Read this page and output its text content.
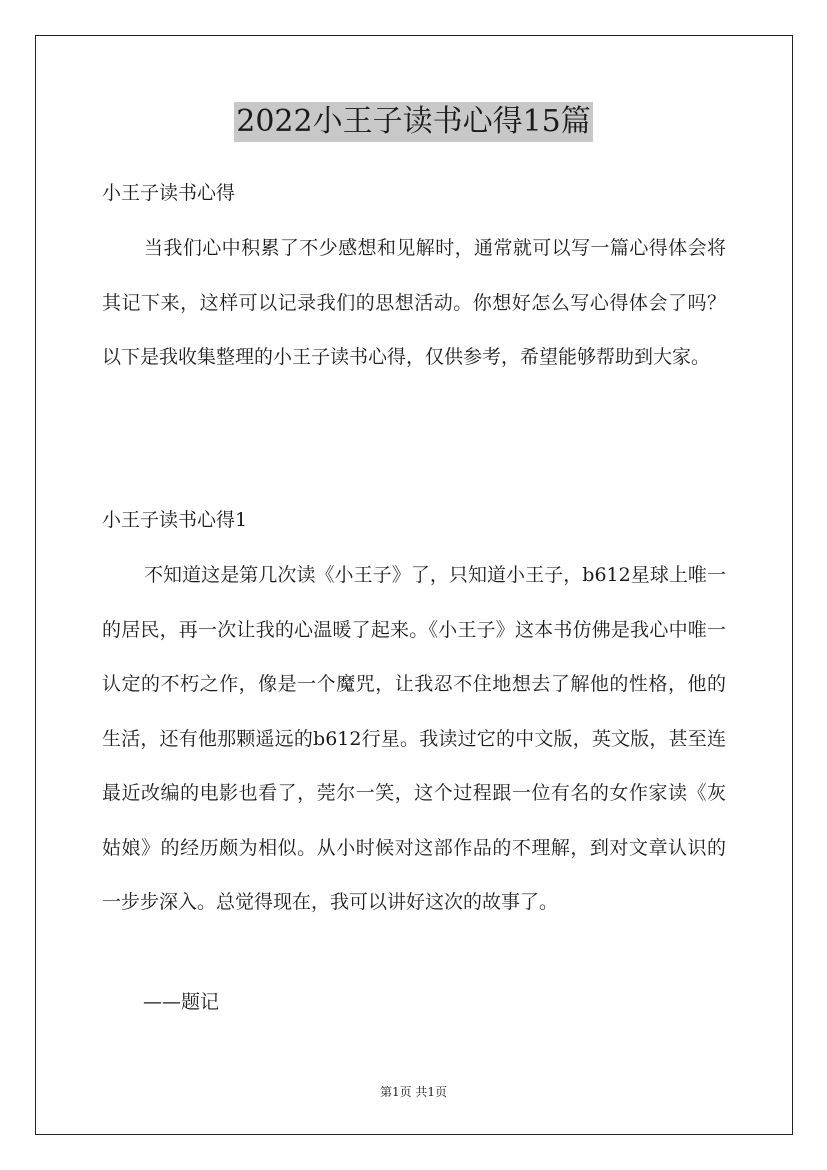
2022小王子读书心得15篇
小王子读书心得
当我们心中积累了不少感想和见解时，通常就可以写一篇心得体会将其记下来，这样可以记录我们的思想活动。你想好怎么写心得体会了吗？以下是我收集整理的小王子读书心得，仅供参考，希望能够帮助到大家。
小王子读书心得1
不知道这是第几次读《小王子》了，只知道小王子，b612星球上唯一的居民，再一次让我的心温暖了起来。《小王子》这本书仿佛是我心中唯一认定的不朽之作，像是一个魔咒，让我忍不住地想去了解他的性格，他的生活，还有他那颗遥远的b612行星。我读过它的中文版，英文版，甚至连最近改编的电影也看了，莞尔一笑，这个过程跟一位有名的女作家读《灰姑娘》的经历颇为相似。从小时候对这部作品的不理解，到对文章认识的一步步深入。总觉得现在，我可以讲好这次的故事了。
——题记
第1页 共1页
